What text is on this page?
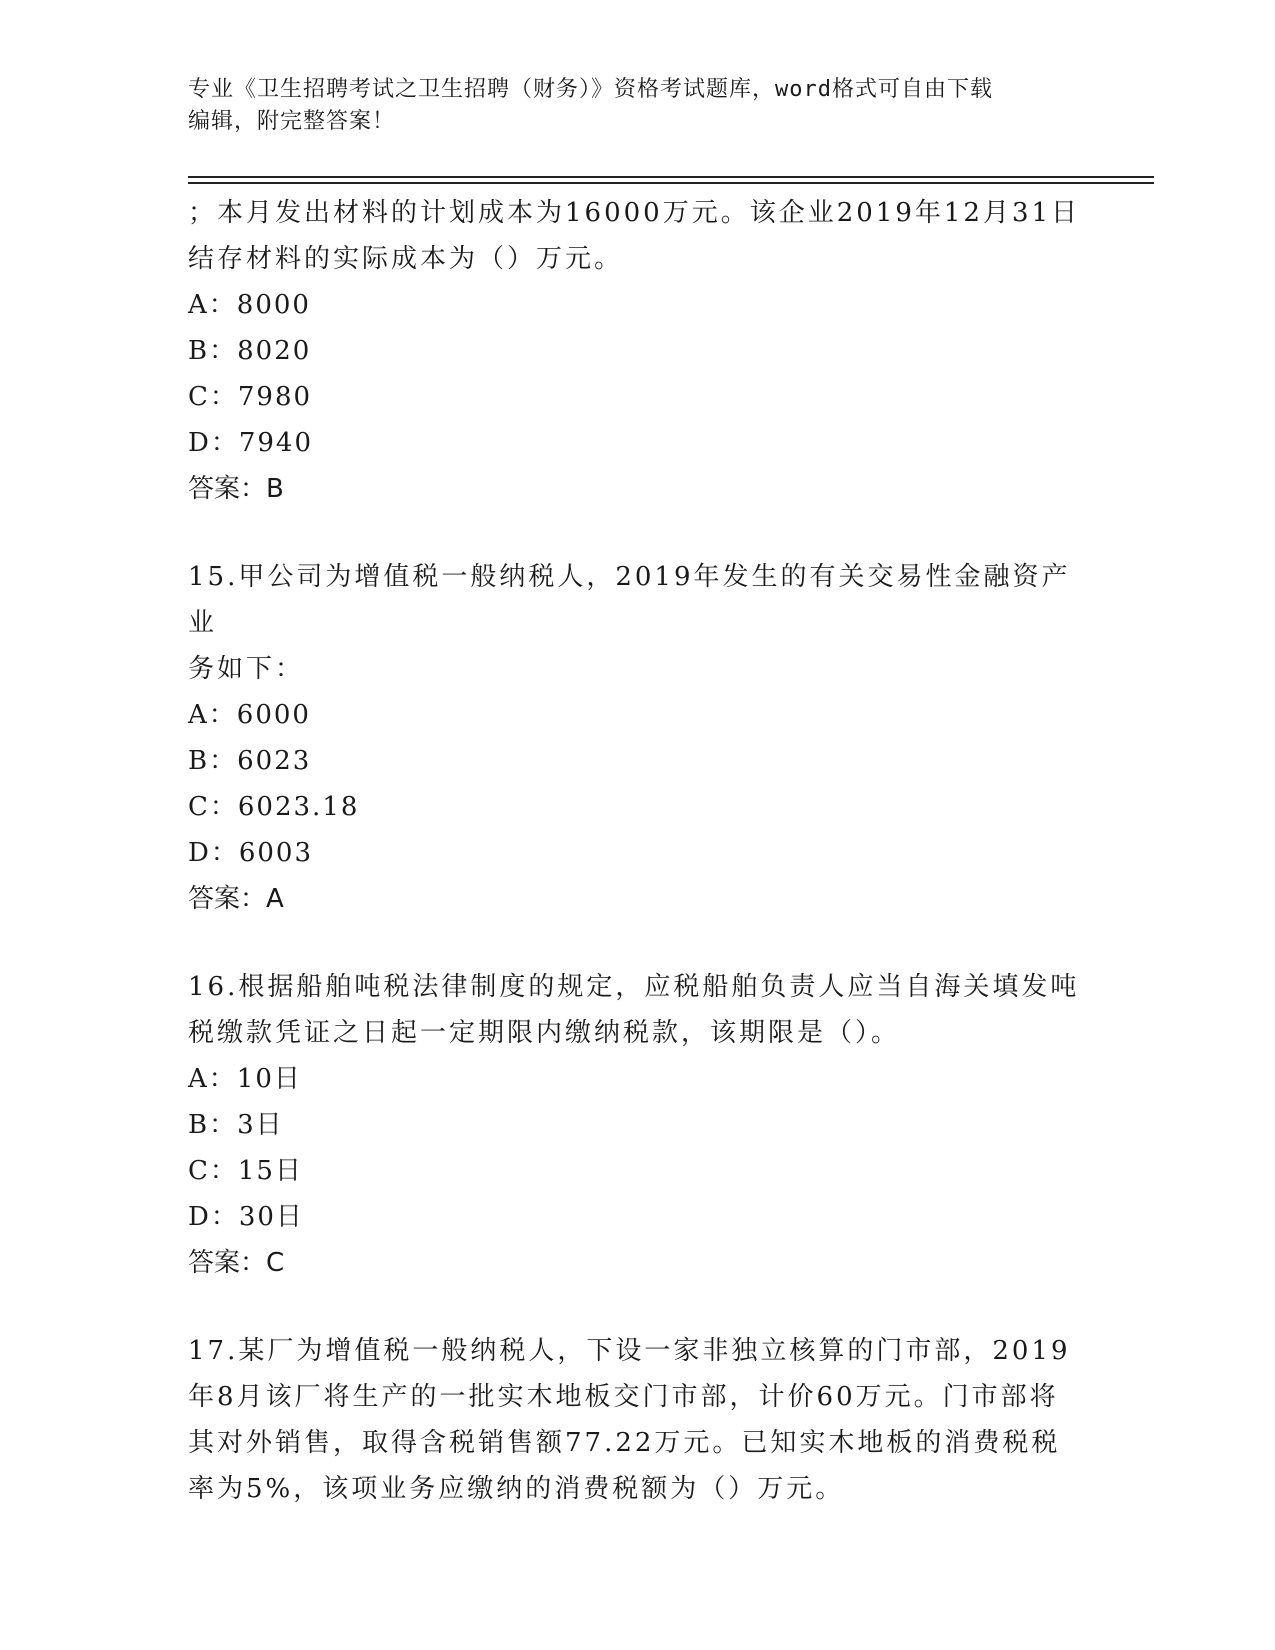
专业《卫生招聘考试之卫生招聘（财务）》资格考试题库，word格式可自由下载
编辑，附完整答案！

；本月发出材料的计划成本为16000万元。该企业2019年12月31日

结存材料的实际成本为（）万元。

A：8000

B：8020

C：7980

D：7940

答案：B

15.甲公司为增值税一般纳税人，2019年发生的有关交易性金融资产业

务如下：

A：6000

B：6023

C：6023.18

D：6003

答案：A

16.根据船舶吨税法律制度的规定，应税船舶负责人应当自海关填发吨

税缴款凭证之日起一定期限内缴纳税款，该期限是（）。

A：10日

B：3日

C：15日

D：30日

答案：C

17.某厂为增值税一般纳税人，下设一家非独立核算的门市部，2019

年8月该厂将生产的一批实木地板交门市部，计价60万元。门市部将

其对外销售，取得含税销售额77.22万元。已知实木地板的消费税税

率为5%，该项业务应缴纳的消费税额为（）万元。
